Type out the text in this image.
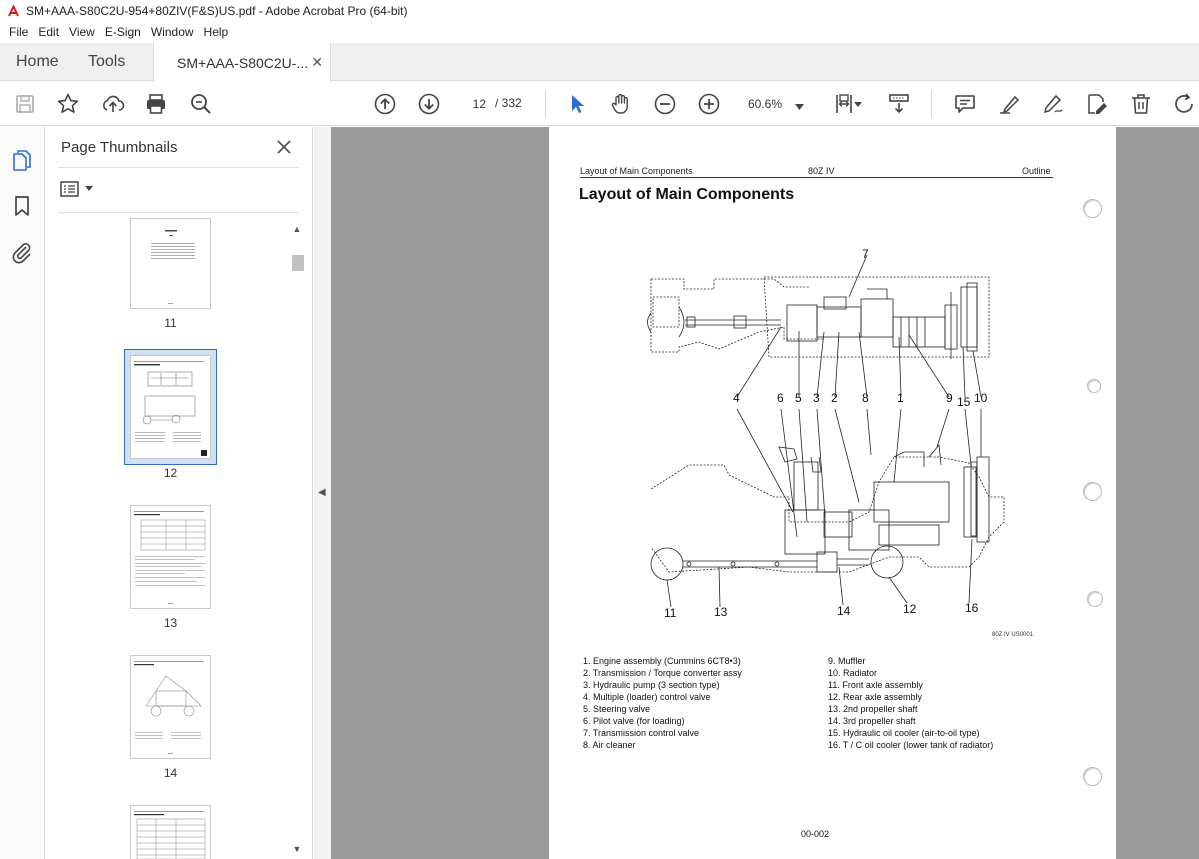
SM+AAA-S80C2U-954+80ZIV(F&S)US.pdf - Adobe Acrobat Pro (64-bit)
File Edit View E-Sign Window Help
Home Tools	SM+AAA-S80C2U-... ✕
12 / 332	60.6%
Page Thumbnails
11
12
13
14
▲
▼
◀
Layout of Main Components	80Z IV	Outline
Layout of Main Components
7
4	6 5 3 2 8 1	9 15 10
11	13	14	12	16
80Z IV US0001
1. Engine assembly (Cummins 6CT8•3)
2. Transmission / Torque converter assy
3. Hydraulic pump (3 section type)
4. Multiple (loader) control valve
5. Steering valve
6. Pilot valve (for loading)
7. Transmission control valve
8. Air cleaner
9. Muffler
10. Radiator
11. Front axle assembly
12. Rear axle assembly
13. 2nd propeller shaft
14. 3rd propeller shaft
15. Hydraulic oil cooler (air-to-oil type)
16. T / C oil cooler (lower tank of radiator)
00-002
